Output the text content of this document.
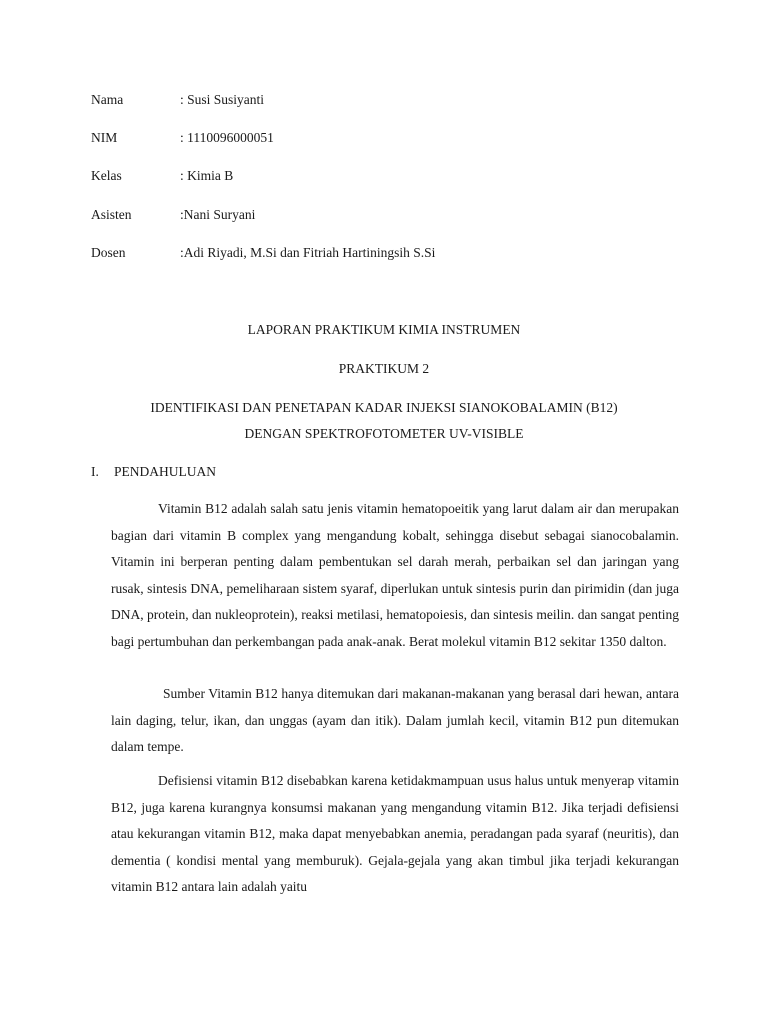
Nama	: Susi Susiyanti
NIM	: 1110096000051
Kelas	: Kimia B
Asisten	:Nani Suryani
Dosen	:Adi Riyadi, M.Si dan Fitriah Hartiningsih S.Si
LAPORAN PRAKTIKUM KIMIA INSTRUMEN
PRAKTIKUM 2
IDENTIFIKASI DAN PENETAPAN KADAR INJEKSI SIANOKOBALAMIN (B12)
DENGAN SPEKTROFOTOMETER UV-VISIBLE
I. PENDAHULUAN

Vitamin B12 adalah salah satu jenis vitamin hematopoeitik yang larut dalam air dan merupakan bagian dari vitamin B complex yang mengandung kobalt, sehingga disebut sebagai sianocobalamin. Vitamin ini berperan penting dalam pembentukan sel darah merah, perbaikan sel dan jaringan yang rusak, sintesis DNA, pemeliharaan sistem syaraf, diperlukan untuk sintesis purin dan pirimidin (dan juga DNA, protein, dan nukleoprotein), reaksi metilasi, hematopoiesis, dan sintesis meilin. dan sangat penting bagi pertumbuhan dan perkembangan pada anak-anak. Berat molekul vitamin B12 sekitar 1350 dalton.

Sumber Vitamin B12 hanya ditemukan dari makanan-makanan yang berasal dari hewan, antara lain daging, telur, ikan, dan unggas (ayam dan itik). Dalam jumlah kecil, vitamin B12 pun ditemukan dalam tempe.

Defisiensi vitamin B12 disebabkan karena ketidakmampuan usus halus untuk menyerap vitamin B12, juga karena kurangnya konsumsi makanan yang mengandung vitamin B12. Jika terjadi defisiensi atau kekurangan vitamin B12, maka dapat menyebabkan anemia, peradangan pada syaraf (neuritis), dan dementia ( kondisi mental yang memburuk). Gejala-gejala yang akan timbul jika terjadi kekurangan vitamin B12 antara lain adalah yaitu
